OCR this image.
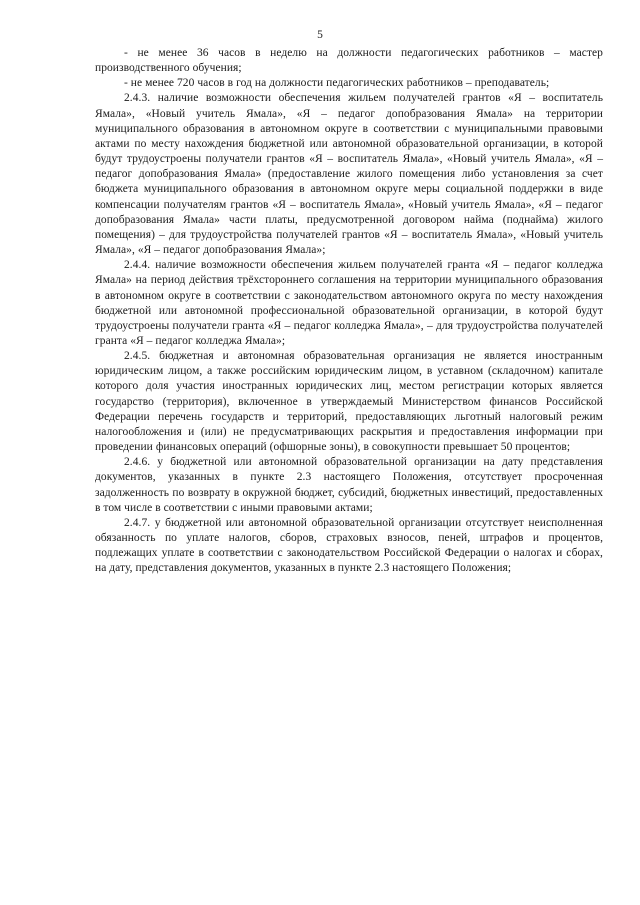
5

- не менее 36 часов в неделю на должности педагогических работников – мастер производственного обучения;

- не менее 720 часов в год на должности педагогических работников – преподаватель;

2.4.3. наличие возможности обеспечения жильем получателей грантов «Я – воспитатель Ямала», «Новый учитель Ямала», «Я – педагог допобразования Ямала» на территории муниципального образования в автономном округе в соответствии с муниципальными правовыми актами по месту нахождения бюджетной или автономной образовательной организации, в которой будут трудоустроены получатели грантов «Я – воспитатель Ямала», «Новый учитель Ямала», «Я – педагог допобразования Ямала» (предоставление жилого помещения либо установления за счет бюджета муниципального образования в автономном округе меры социальной поддержки в виде компенсации получателям грантов «Я – воспитатель Ямала», «Новый учитель Ямала», «Я – педагог допобразования Ямала» части платы, предусмотренной договором найма (поднайма) жилого помещения) – для трудоустройства получателей грантов «Я – воспитатель Ямала», «Новый учитель Ямала», «Я – педагог допобразования Ямала»;

2.4.4. наличие возможности обеспечения жильем получателей гранта «Я – педагог колледжа Ямала» на период действия трёхстороннего соглашения на территории муниципального образования в автономном округе в соответствии с законодательством автономного округа по месту нахождения бюджетной или автономной профессиональной образовательной организации, в которой будут трудоустроены получатели гранта «Я – педагог колледжа Ямала», – для трудоустройства получателей гранта «Я – педагог колледжа Ямала»;

2.4.5. бюджетная и автономная образовательная организация не является иностранным юридическим лицом, а также российским юридическим лицом, в уставном (складочном) капитале которого доля участия иностранных юридических лиц, местом регистрации которых является государство (территория), включенное в утверждаемый Министерством финансов Российской Федерации перечень государств и территорий, предоставляющих льготный налоговый режим налогообложения и (или) не предусматривающих раскрытия и предоставления информации при проведении финансовых операций (офшорные зоны), в совокупности превышает 50 процентов;

2.4.6. у бюджетной или автономной образовательной организации на дату представления документов, указанных в пункте 2.3 настоящего Положения, отсутствует просроченная задолженность по возврату в окружной бюджет, субсидий, бюджетных инвестиций, предоставленных в том числе в соответствии с иными правовыми актами;

2.4.7. у бюджетной или автономной образовательной организации отсутствует неисполненная обязанность по уплате налогов, сборов, страховых взносов, пеней, штрафов и процентов, подлежащих уплате в соответствии с законодательством Российской Федерации о налогах и сборах, на дату, представления документов, указанных в пункте 2.3 настоящего Положения;
